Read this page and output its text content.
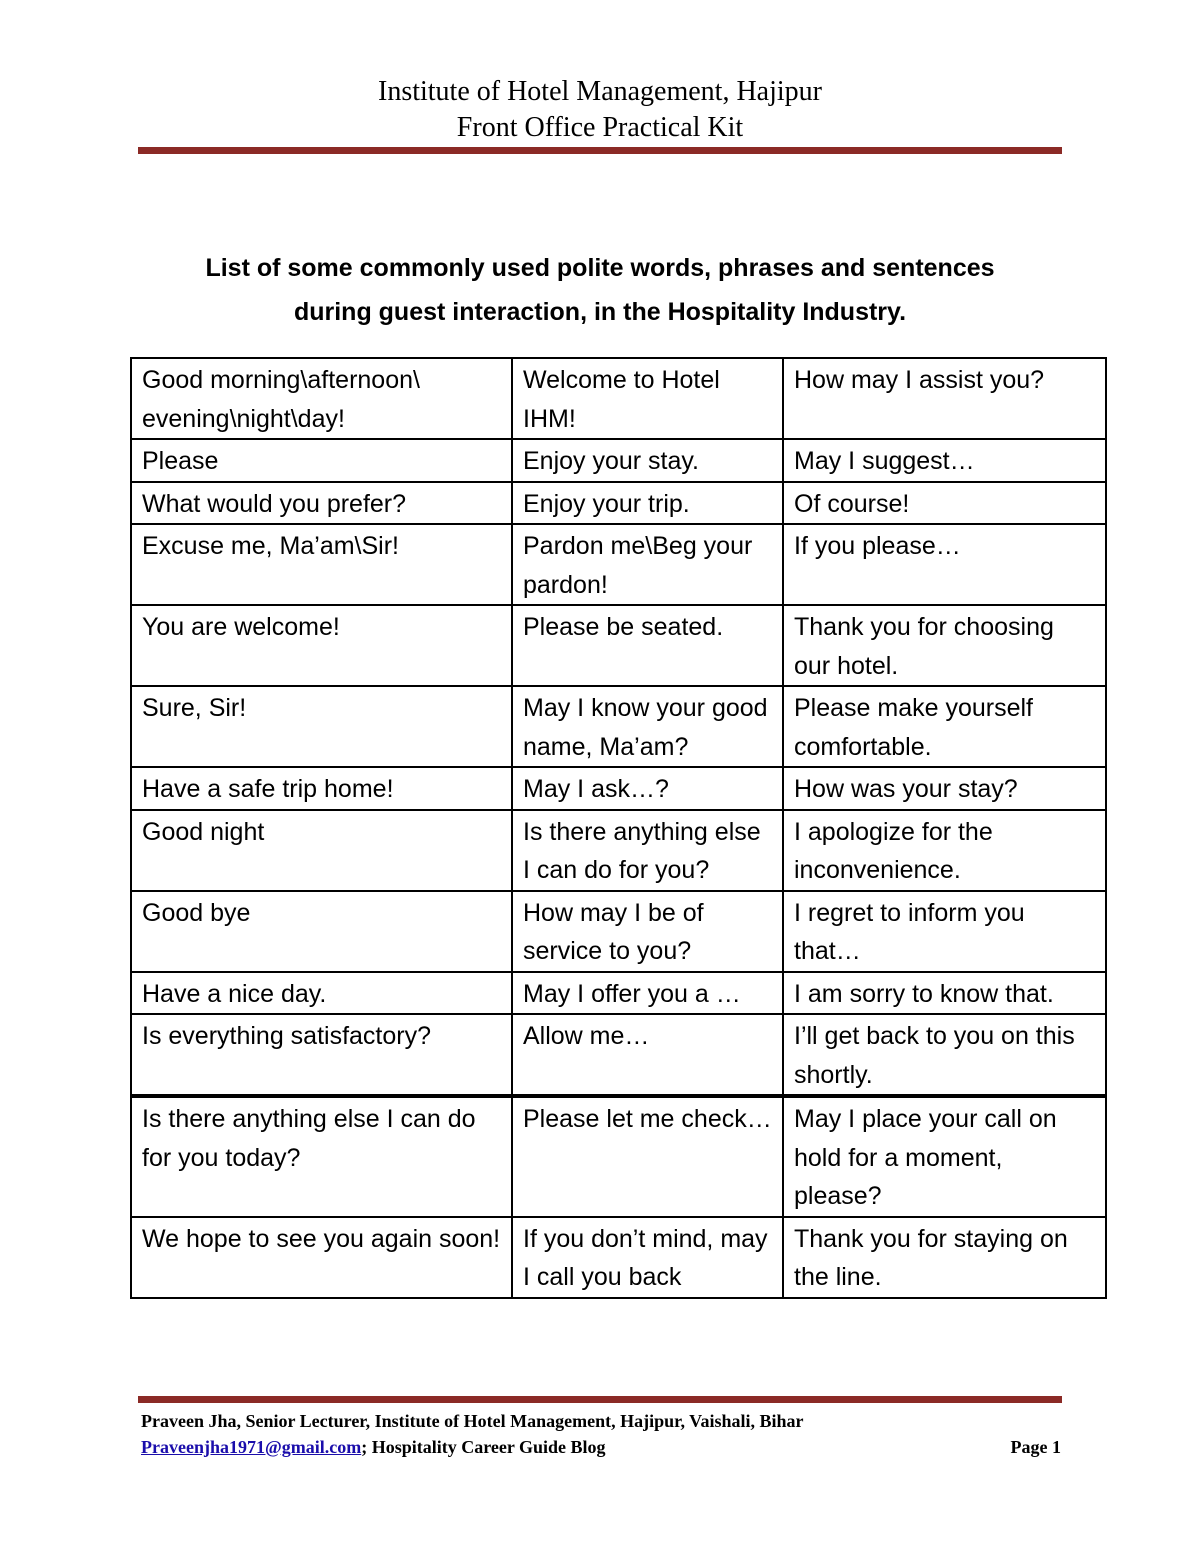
Institute of Hotel Management, Hajipur
Front Office Practical Kit
List of some commonly used polite words, phrases and sentences
during guest interaction, in the Hospitality Industry.
Good morning\afternoon\ evening\night\day!	Welcome to Hotel IHM!	How may I assist you?
Please	Enjoy your stay.	May I suggest…
What would you prefer?	Enjoy your trip.	Of course!
Excuse me, Ma’am\Sir!	Pardon me\Beg your pardon!	If you please…
You are welcome!	Please be seated.	Thank you for choosing our hotel.
Sure, Sir!	May I know your good name, Ma’am?	Please make yourself comfortable.
Have a safe trip home!	May I ask…?	How was your stay?
Good night	Is there anything else I can do for you?	I apologize for the inconvenience.
Good bye	How may I be of service to you?	I regret to inform you that…
Have a nice day.	May I offer you a …	I am sorry to know that.
Is everything satisfactory?	Allow me…	I’ll get back to you on this shortly.
Is there anything else I can do for you today?	Please let me check…	May I place your call on hold for a moment, please?
We hope to see you again soon!	If you don’t mind, may I call you back	Thank you for staying on the line.
Praveen Jha, Senior Lecturer, Institute of Hotel Management, Hajipur, Vaishali, Bihar
Praveenjha1971@gmail.com; Hospitality Career Guide Blog	Page 1
